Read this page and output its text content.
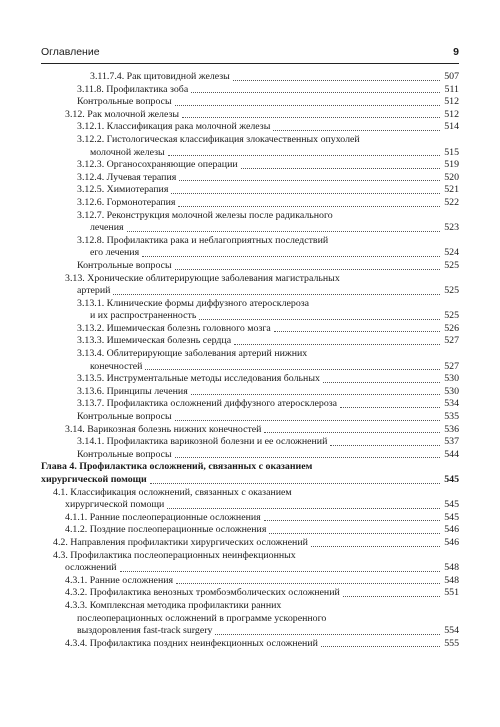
Оглавление	9
3.11.7.4. Рак щитовидной железы	507
3.11.8. Профилактика зоба	511
Контрольные вопросы	512
3.12. Рак молочной железы	512
3.12.1. Классификация рака молочной железы	514
3.12.2. Гистологическая классификация злокачественных опухолей
молочной железы	515
3.12.3. Органосохраняющие операции	519
3.12.4. Лучевая терапия	520
3.12.5. Химиотерапия	521
3.12.6. Гормонотерапия	522
3.12.7. Реконструкция молочной железы после радикального
лечения	523
3.12.8. Профилактика рака и неблагоприятных последствий
его лечения	524
Контрольные вопросы	525
3.13. Хронические облитерирующие заболевания магистральных
артерий	525
3.13.1. Клинические формы диффузного атеросклероза
и их распространенность	525
3.13.2. Ишемическая болезнь головного мозга	526
3.13.3. Ишемическая болезнь сердца	527
3.13.4. Облитерирующие заболевания артерий нижних
конечностей	527
3.13.5. Инструментальные методы исследования больных	530
3.13.6. Принципы лечения	530
3.13.7. Профилактика осложнений диффузного атеросклероза	534
Контрольные вопросы	535
3.14. Варикозная болезнь нижних конечностей	536
3.14.1. Профилактика варикозной болезни и ее осложнений	537
Контрольные вопросы	544
Глава 4. Профилактика осложнений, связанных с оказанием
хирургической помощи	545
4.1. Классификация осложнений, связанных с оказанием
хирургической помощи	545
4.1.1. Ранние послеоперационные осложнения	545
4.1.2. Поздние послеоперационные осложнения	546
4.2. Направления профилактики хирургических осложнений	546
4.3. Профилактика послеоперационных неинфекционных
осложнений	548
4.3.1. Ранние осложнения	548
4.3.2. Профилактика венозных тромбоэмболических осложнений	551
4.3.3. Комплексная методика профилактики ранних
послеоперационных осложнений в программе ускоренного
выздоровления fast-track surgery	554
4.3.4. Профилактика поздних неинфекционных осложнений	555
